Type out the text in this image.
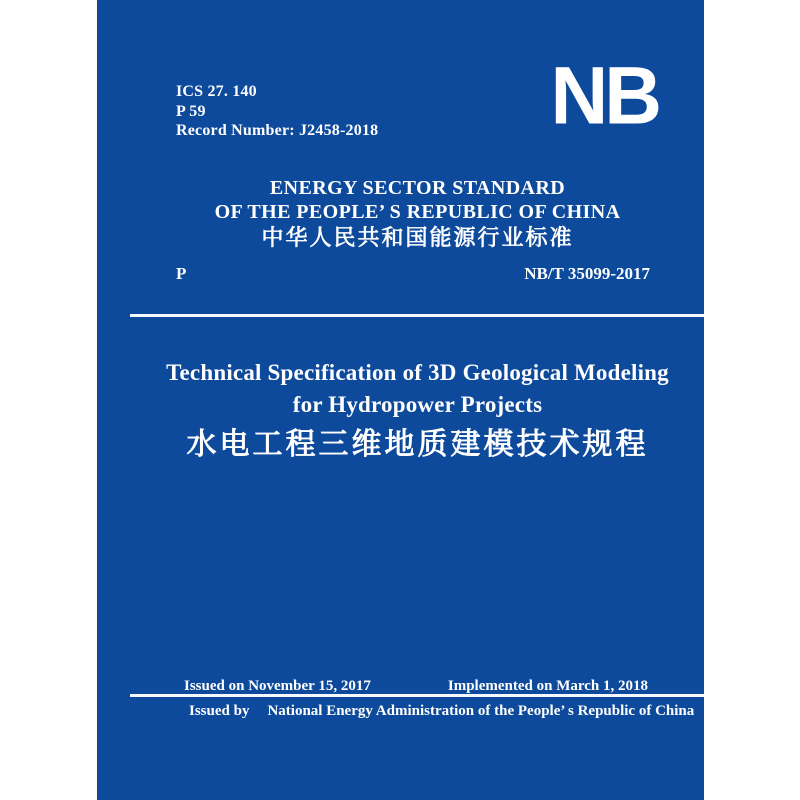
ICS 27. 140
P 59
Record Number: J2458-2018 NB
ENERGY SECTOR STANDARD
OF THE PEOPLE’ S REPUBLIC OF CHINA
中华人民共和国能源行业标准
P	NB/T 35099-2017
Technical Specification of 3D Geological Modeling
for Hydropower Projects
水电工程三维地质建模技术规程
Issued on November 15, 2017	Implemented on March 1, 2018
Issued by National Energy Administration of the People’ s Republic of China
